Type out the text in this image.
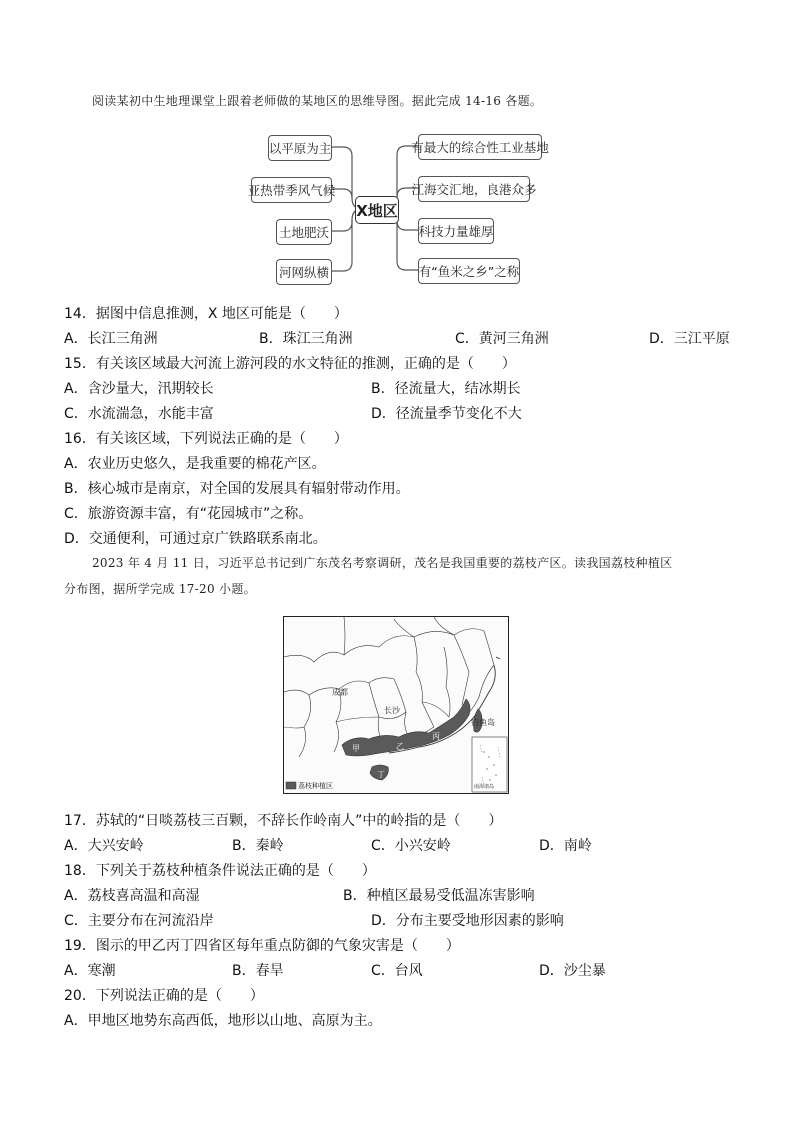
阅读某初中生地理课堂上跟着老师做的某地区的思维导图。据此完成 14-16 各题。
以平原为主
亚热带季风气候
土地肥沃
河网纵横
X地区
有最大的综合性工业基地
江海交汇地，良港众多
科技力量雄厚
有“鱼米之乡”之称
14．据图中信息推测，X 地区可能是（　　）
A．长江三角洲	B．珠江三角洲	C．黄河三角洲	D．三江平原
15．有关该区域最大河流上游河段的水文特征的推测，正确的是（　　）
A．含沙量大，汛期较长	B．径流量大，结冰期长
C．水流湍急，水能丰富	D．径流量季节变化不大
16．有关该区域，下列说法正确的是（　　）
A．农业历史悠久，是我重要的棉花产区。
B．核心城市是南京，对全国的发展具有辐射带动作用。
C．旅游资源丰富，有“花园城市”之称。
D．交通便利，可通过京广铁路联系南北。
2023 年 4 月 11 日，习近平总书记到广东茂名考察调研，茂名是我国重要的荔枝产区。读我国荔枝种植区
分布图，据所学完成 17-20 小题。
成都
长沙
钓鱼岛
甲	乙
丙
丁
荔枝种植区	南海诸岛
17．苏轼的“日啖荔枝三百颗，不辞长作岭南人”中的岭指的是（　　）
A．大兴安岭	B．秦岭	C．小兴安岭	D．南岭
18．下列关于荔枝种植条件说法正确的是（　　）
A．荔枝喜高温和高湿	B．种植区最易受低温冻害影响
C．主要分布在河流沿岸	D．分布主要受地形因素的影响
19．图示的甲乙丙丁四省区每年重点防御的气象灾害是（　　）
A．寒潮	B．春旱	C．台风	D．沙尘暴
20．下列说法正确的是（　　）
A．甲地区地势东高西低，地形以山地、高原为主。
